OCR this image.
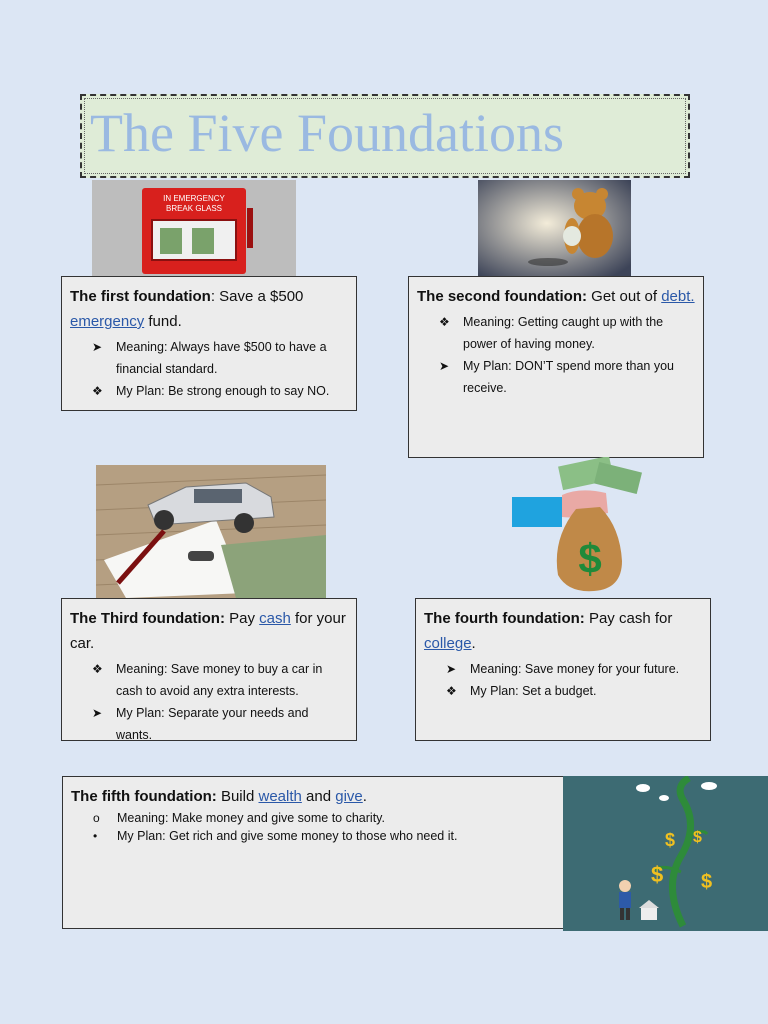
The Five Foundations
IN EMERGENCY
BREAK GLASS
The first foundation: Save a $500 emergency fund.
➤	Meaning: Always have $500 to have a financial standard.
❖	My Plan: Be strong enough to say NO.
The second foundation: Get out of debt.
❖	Meaning: Getting caught up with the power of having money.
➤	My Plan: DON’T spend more than you receive.
$
The Third foundation: Pay cash for your car.
❖	Meaning: Save money to buy a car in cash to avoid any extra interests.
➤	My Plan: Separate your needs and wants.
The fourth foundation: Pay cash for college.
➤	Meaning: Save money for your future.
❖	My Plan: Set a budget.
The fifth foundation: Build wealth and give.
o	Meaning: Make money and give some to charity.
•	My Plan: Get rich and give some money to those who need it.
$ $
$ $
